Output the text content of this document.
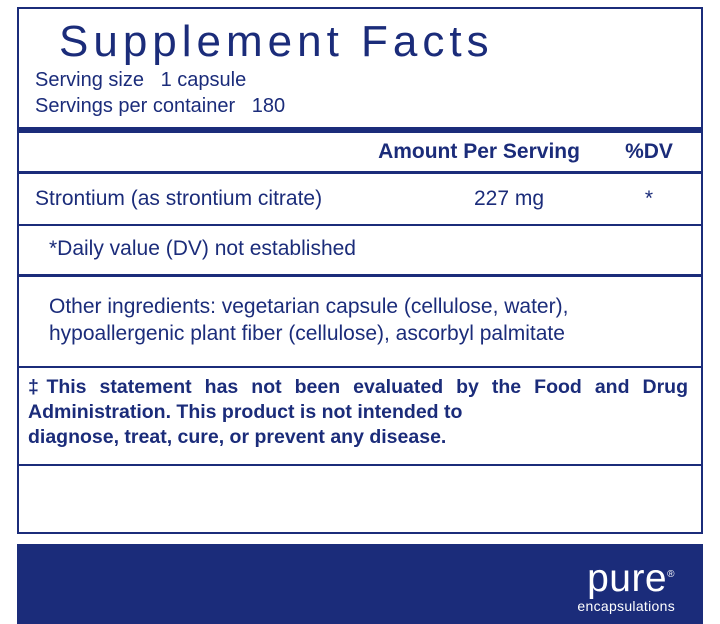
Supplement Facts
Serving size 1 capsule
Servings per container 180
Amount Per Serving	%DV
Strontium (as strontium citrate)	227 mg	*
*Daily value (DV) not established
Other ingredients: vegetarian capsule (cellulose, water), hypoallergenic plant fiber (cellulose), ascorbyl palmitate
‡This statement has not been evaluated by the Food and Drug Administration. This product is not intended to
diagnose, treat, cure, or prevent any disease.
pure®
encapsulations
